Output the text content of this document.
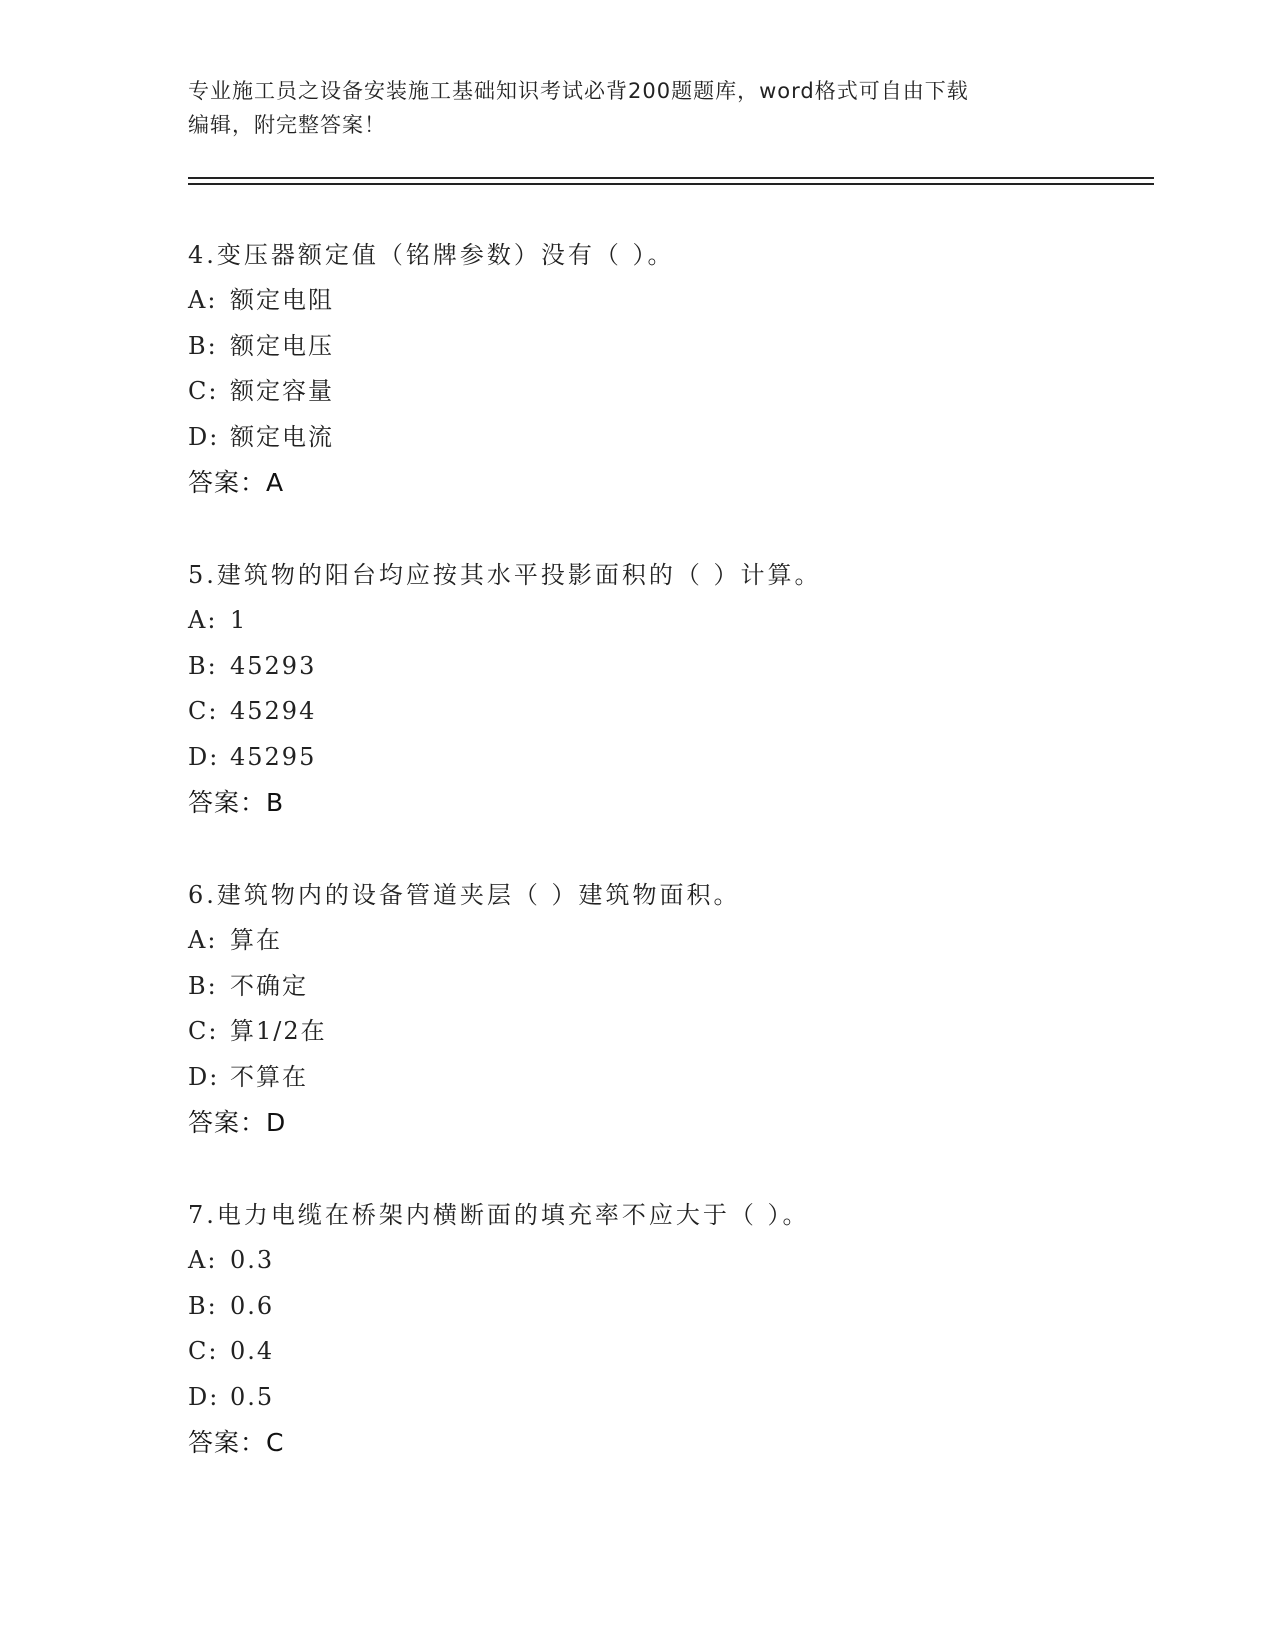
专业施工员之设备安装施工基础知识考试必背200题题库，word格式可自由下载
编辑，附完整答案！
4.变压器额定值（铭牌参数）没有（ ）。
A: 额定电阻
B: 额定电压
C: 额定容量
D: 额定电流
答案：A
5.建筑物的阳台均应按其水平投影面积的（ ）计算。
A: 1
B: 45293
C: 45294
D: 45295
答案：B
6.建筑物内的设备管道夹层（ ）建筑物面积。
A: 算在
B: 不确定
C: 算1/2在
D: 不算在
答案：D
7.电力电缆在桥架内横断面的填充率不应大于（ ）。
A: 0.3
B: 0.6
C: 0.4
D: 0.5
答案：C
